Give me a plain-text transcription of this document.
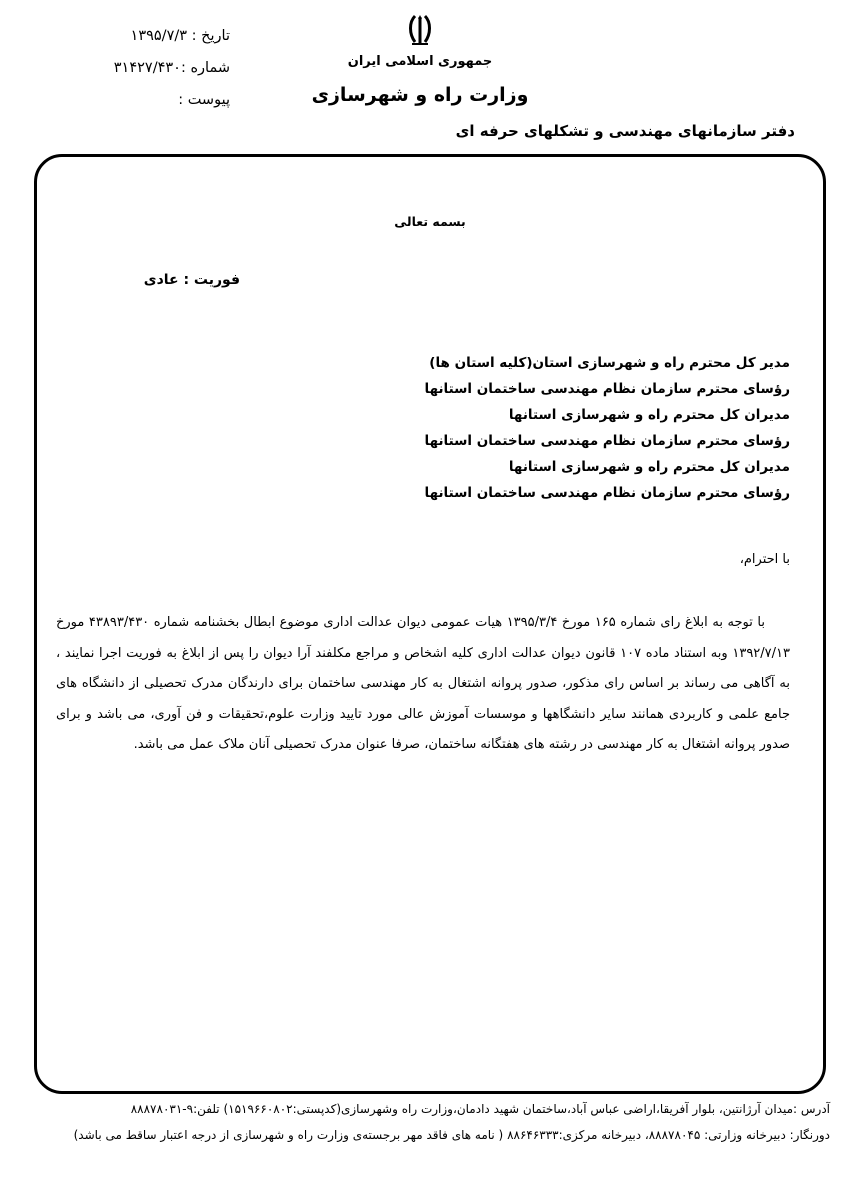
تاریخ : ۱۳۹۵/۷/۳
شماره :۳۱۴۲۷/۴۳۰
پیوست :
جمهوری اسلامی ایران
وزارت راه و شهرسازی
دفتر سازمانهای مهندسی و تشکلهای حرفه ای
بسمه تعالی
فوریت : عادی
مدیر کل محترم راه و شهرسازی استان(کلیه استان ها)
رؤسای محترم سازمان نظام مهندسی ساختمان استانها
مدیران کل محترم راه و شهرسازی استانها
رؤسای محترم سازمان نظام مهندسی ساختمان استانها
مدیران کل محترم راه و شهرسازی استانها
رؤسای محترم سازمان نظام مهندسی ساختمان استانها
با احترام،

با توجه به ابلاغ رای شماره ۱۶۵ مورخ ۱۳۹۵/۳/۴ هیات عمومی دیوان عدالت اداری موضوع ابطال بخشنامه شماره ۴۳۸۹۳/۴۳۰ مورخ ۱۳۹۲/۷/۱۳ وبه استناد ماده ۱۰۷ قانون دیوان عدالت اداری کلیه اشخاص و مراجع مکلفند آرا دیوان را پس از ابلاغ به فوریت اجرا نمایند ، به آگاهی می رساند بر اساس رای مذکور، صدور پروانه اشتغال به کار مهندسی ساختمان برای دارندگان مدرک تحصیلی از دانشگاه های جامع علمی و کاربردی همانند سایر دانشگاهها و موسسات آموزش عالی مورد تایید وزارت علوم،تحقیقات و فن آوری، می باشد و برای صدور پروانه اشتغال به کار مهندسی در رشته های هفتگانه ساختمان، صرفا عنوان مدرک تحصیلی آنان ملاک عمل می باشد.

آدرس :میدان آرژانتین، بلوار آفریقا،اراضی عباس آباد،ساختمان شهید دادمان،وزارت راه وشهرسازی(کدپستی:۱۵۱۹۶۶۰۸۰۲) تلفن:۹-۸۸۸۷۸۰۳۱
دورنگار: دبیرخانه وزارتی: ۸۸۸۷۸۰۴۵، دبیرخانه مرکزی:۸۸۶۴۶۳۳۳ ( نامه های فاقد مهر برجسته‌ی وزارت راه و شهرسازی از درجه اعتبار ساقط می باشد)
